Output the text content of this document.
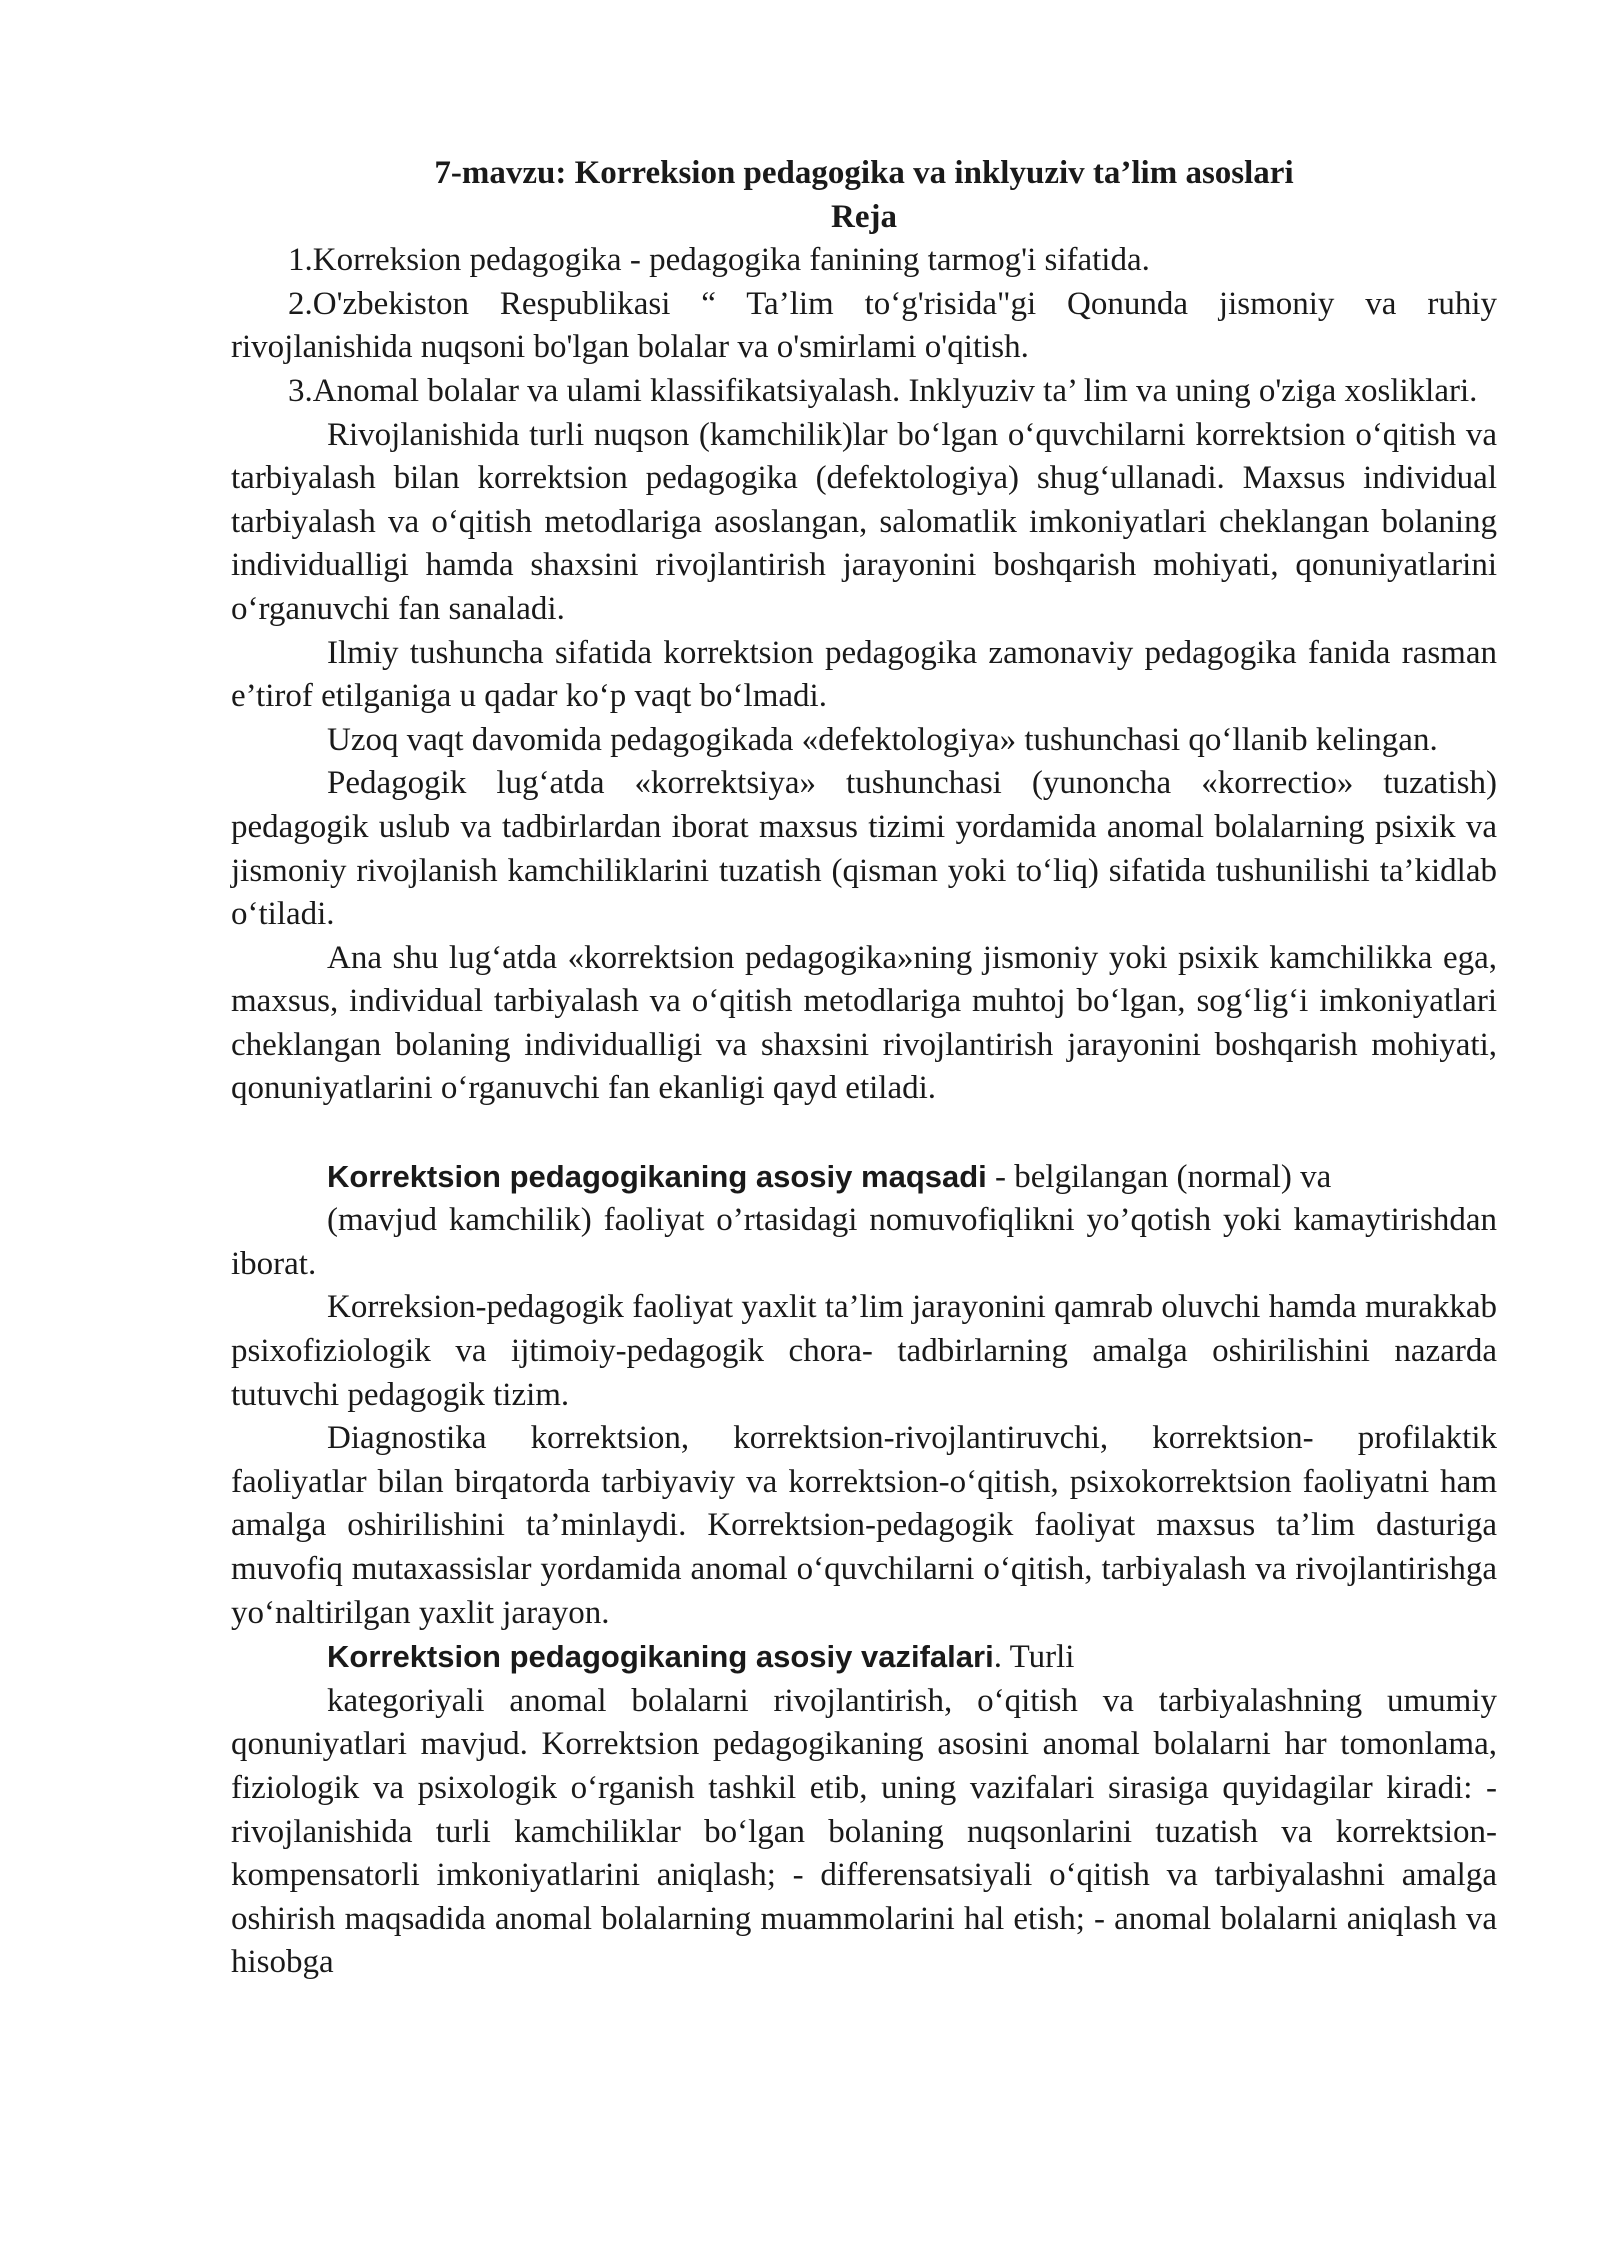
7-mavzu: Korreksion pedagogika va inklyuziv ta’lim asoslari
Reja

1.Korreksion pedagogika - pedagogika fanining tarmog'i sifatida.

2.O'zbekiston Respublikasi “ Ta’lim to‘g'risida"gi Qonunda jismoniy va ruhiy rivojlanishida nuqsoni bo'lgan bolalar va o'smirlami o'qitish.

3.Anomal bolalar va ulami klassifikatsiyalash. Inklyuziv ta’ lim va uning o'ziga xosliklari.

Rivojlanishida turli nuqson (kamchilik)lar bo‘lgan o‘quvchilarni korrektsion o‘qitish va tarbiyalash bilan korrektsion pedagogika (defektologiya) shug‘ullanadi. Maxsus individual tarbiyalash va o‘qitish metodlariga asoslangan, salomatlik imkoniyatlari cheklangan bolaning individualligi hamda shaxsini rivojlantirish jarayonini boshqarish mohiyati, qonuniyatlarini o‘rganuvchi fan sanaladi.

Ilmiy tushuncha sifatida korrektsion pedagogika zamonaviy pedagogika fanida rasman e’tirof etilganiga u qadar ko‘p vaqt bo‘lmadi.

Uzoq vaqt davomida pedagogikada «defektologiya» tushunchasi qo‘llanib kelingan.

Pedagogik lug‘atda «korrektsiya» tushunchasi (yunoncha «korrectio» tuzatish) pedagogik uslub va tadbirlardan iborat maxsus tizimi yordamida anomal bolalarning psixik va jismoniy rivojlanish kamchiliklarini tuzatish (qisman yoki to‘liq) sifatida tushunilishi ta’kidlab o‘tiladi.

Ana shu lug‘atda «korrektsion pedagogika»ning jismoniy yoki psixik kamchilikka ega, maxsus, individual tarbiyalash va o‘qitish metodlariga muhtoj bo‘lgan, sog‘lig‘i imkoniyatlari cheklangan bolaning individualligi va shaxsini rivojlantirish jarayonini boshqarish mohiyati, qonuniyatlarini o‘rganuvchi fan ekanligi qayd etiladi.

Korrektsion pedagogikaning asosiy maqsadi - belgilangan (normal) va

(mavjud kamchilik) faoliyat o’rtasidagi nomuvofiqlikni yo’qotish yoki kamaytirishdan iborat.

Korreksion-pedagogik faoliyat yaxlit ta’lim jarayonini qamrab oluvchi hamda murakkab psixofiziologik va ijtimoiy-pedagogik chora- tadbirlarning amalga oshirilishini nazarda tutuvchi pedagogik tizim.

Diagnostika korrektsion, korrektsion-rivojlantiruvchi, korrektsion- profilaktik faoliyatlar bilan birqatorda tarbiyaviy va korrektsion-o‘qitish, psixokorrektsion faoliyatni ham amalga oshirilishini ta’minlaydi. Korrektsion-pedagogik faoliyat maxsus ta’lim dasturiga muvofiq mutaxassislar yordamida anomal o‘quvchilarni o‘qitish, tarbiyalash va rivojlantirishga yo‘naltirilgan yaxlit jarayon.

Korrektsion pedagogikaning asosiy vazifalari. Turli

kategoriyali anomal bolalarni rivojlantirish, o‘qitish va tarbiyalashning umumiy qonuniyatlari mavjud. Korrektsion pedagogikaning asosini anomal bolalarni har tomonlama, fiziologik va psixologik o‘rganish tashkil etib, uning vazifalari sirasiga quyidagilar kiradi: - rivojlanishida turli kamchiliklar bo‘lgan bolaning nuqsonlarini tuzatish va korrektsion-kompensatorli imkoniyatlarini aniqlash; - differensatsiyali o‘qitish va tarbiyalashni amalga oshirish maqsadida anomal bolalarning muammolarini hal etish; - anomal bolalarni aniqlash va hisobga
